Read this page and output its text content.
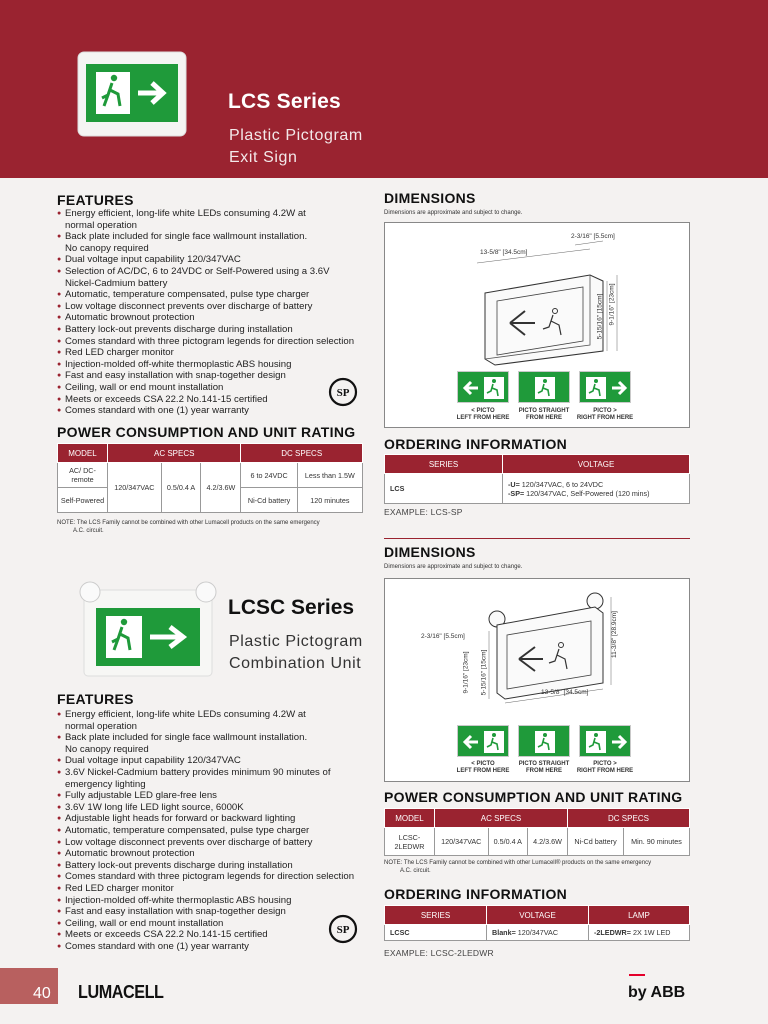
LCS Series
Plastic Pictogram
Exit Sign
FEATURES
● Energy efficient, long-life white LEDs consuming 4.2W at
normal operation
● Back plate included for single face wallmount installation.
No canopy required
● Dual voltage input capability 120/347VAC
● Selection of AC/DC, 6 to 24VDC or Self-Powered using a 3.6V
Nickel-Cadmium battery
● Automatic, temperature compensated, pulse type charger
● Low voltage disconnect prevents over discharge of battery
● Automatic brownout protection
● Battery lock-out prevents discharge during installation
● Comes standard with three pictogram legends for direction selection
● Red LED charger monitor
● Injection-molded off-white thermoplastic ABS housing
● Fast and easy installation with snap-together design
● Ceiling, wall or end mount installation
● Meets or exceeds CSA 22.2 No.141-15 certified
● Comes standard with one (1) year warranty
SP
POWER CONSUMPTION AND UNIT RATING
MODEL	AC SPECS			DC SPECS	
AC/ DC-remote	120/347VAC	0.5/0.4 A	4.2/3.6W	6 to 24VDC	Less than 1.5W
Self-Powered				Ni-Cd battery	120 minutes
NOTE: The LCS Family cannot be combined with other Lumacell products on the same emergency
A.C. circuit.
DIMENSIONS
Dimensions are approximate and subject to change.
2-3/16" [5.5cm]
13-5/8" [34.5cm]
5-15/16" [15cm] 9-1/16" [23cm]
< PICTO
LEFT FROM HERE
PICTO STRAIGHT
FROM HERE
PICTO >
RIGHT FROM HERE
ORDERING INFORMATION
SERIES	VOLTAGE
LCS	-U= 120/347VAC, 6 to 24VDC
-SP= 120/347VAC, Self-Powered (120 mins)
EXAMPLE: LCS-SP
LCSC Series
Plastic Pictogram
Combination Unit
FEATURES
● Energy efficient, long-life white LEDs consuming 4.2W at
normal operation
● Back plate included for single face wallmount installation.
No canopy required
● Dual voltage input capability 120/347VAC
● 3.6V Nickel-Cadmium battery provides minimum 90 minutes of
emergency lighting
● Fully adjustable LED glare-free lens
● 3.6V 1W long life LED light source, 6000K
● Adjustable light heads for forward or backward lighting
● Automatic, temperature compensated, pulse type charger
● Low voltage disconnect prevents over discharge of battery
● Automatic brownout protection
● Battery lock-out prevents discharge during installation
● Comes standard with three pictogram legends for direction selection
● Red LED charger monitor
● Injection-molded off-white thermoplastic ABS housing
● Fast and easy installation with snap-together design
● Ceiling, wall or end mount installation
● Meets or exceeds CSA 22.2 No.141-15 certified
● Comes standard with one (1) year warranty
SP
DIMENSIONS
Dimensions are approximate and subject to change.
2-3/16" [5.5cm]	11-3/8" [28.9cm]
9-1/16" [23cm] 5-15/16" [15cm]	13-5/8" [34.5cm]
< PICTO
LEFT FROM HERE
PICTO STRAIGHT
FROM HERE
PICTO >
RIGHT FROM HERE
POWER CONSUMPTION AND UNIT RATING
MODEL	AC SPECS			DC SPECS	
LCSC-2LEDWR	120/347VAC	0.5/0.4 A	4.2/3.6W	Ni-Cd battery	Min. 90 minutes
NOTE: The LCS Family cannot be combined with other Lumacell® products on the same emergency
A.C. circuit.
ORDERING INFORMATION
SERIES	VOLTAGE	LAMP
LCSC	Blank= 120/347VAC	-2LEDWR= 2X 1W LED
EXAMPLE: LCSC-2LEDWR
40	LUMACELL	by ABB
